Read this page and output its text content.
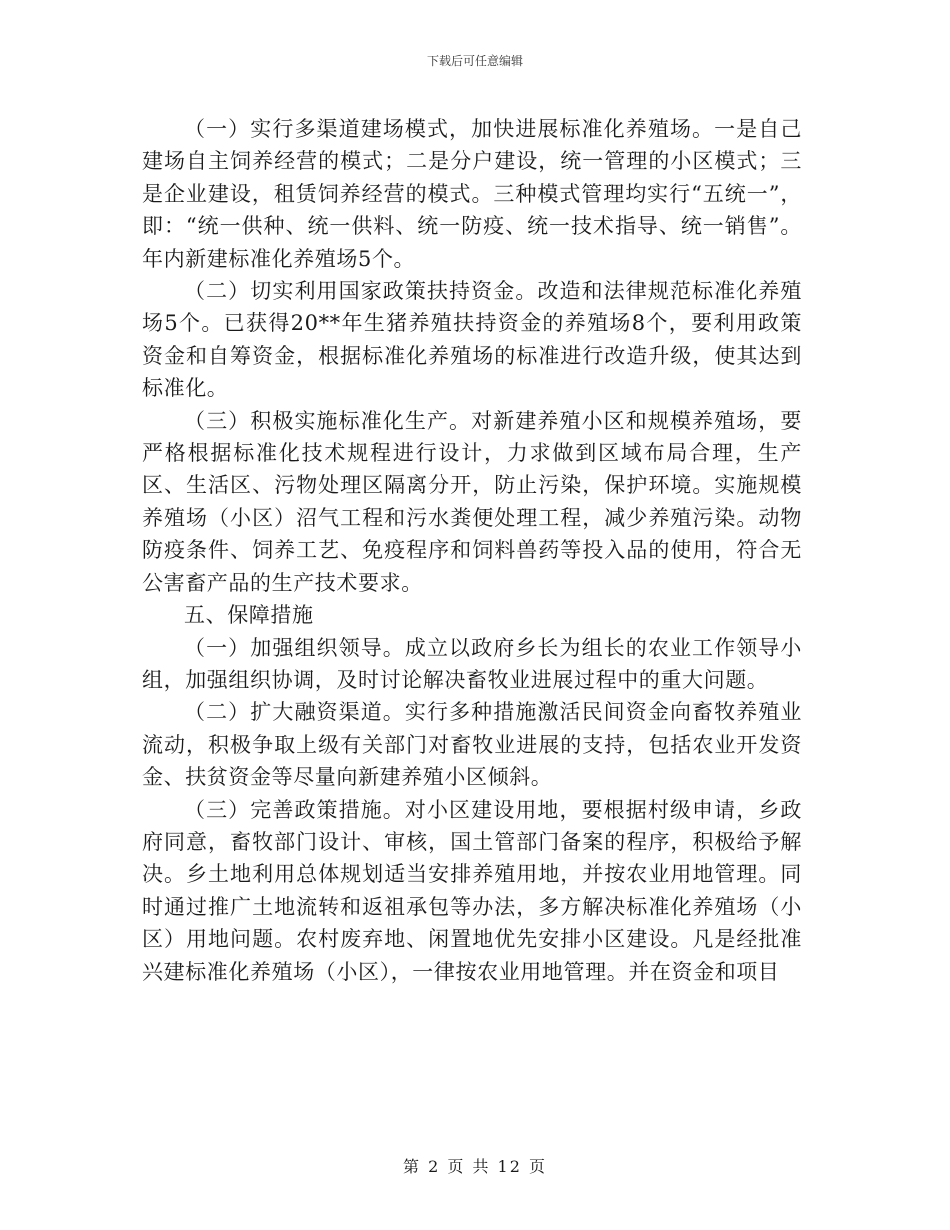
下载后可任意编辑

（一）实行多渠道建场模式，加快进展标准化养殖场。一是自己建场自主饲养经营的模式；二是分户建设，统一管理的小区模式；三是企业建设，租赁饲养经营的模式。三种模式管理均实行“五统一”，即：“统一供种、统一供料、统一防疫、统一技术指导、统一销售”。年内新建标准化养殖场5个。

（二）切实利用国家政策扶持资金。改造和法律规范标准化养殖场5个。已获得20**年生猪养殖扶持资金的养殖场8个，要利用政策资金和自筹资金，根据标准化养殖场的标准进行改造升级，使其达到标准化。

（三）积极实施标准化生产。对新建养殖小区和规模养殖场，要严格根据标准化技术规程进行设计，力求做到区域布局合理，生产区、生活区、污物处理区隔离分开，防止污染，保护环境。实施规模养殖场（小区）沼气工程和污水粪便处理工程，减少养殖污染。动物防疫条件、饲养工艺、免疫程序和饲料兽药等投入品的使用，符合无公害畜产品的生产技术要求。

五、保障措施

（一）加强组织领导。成立以政府乡长为组长的农业工作领导小组，加强组织协调，及时讨论解决畜牧业进展过程中的重大问题。

（二）扩大融资渠道。实行多种措施激活民间资金向畜牧养殖业流动，积极争取上级有关部门对畜牧业进展的支持，包括农业开发资金、扶贫资金等尽量向新建养殖小区倾斜。

（三）完善政策措施。对小区建设用地，要根据村级申请，乡政府同意，畜牧部门设计、审核，国土管部门备案的程序，积极给予解决。乡土地利用总体规划适当安排养殖用地，并按农业用地管理。同时通过推广土地流转和返祖承包等办法，多方解决标准化养殖场（小区）用地问题。农村废弃地、闲置地优先安排小区建设。凡是经批准兴建标准化养殖场（小区），一律按农业用地管理。并在资金和项目

第 2 页 共 12 页
